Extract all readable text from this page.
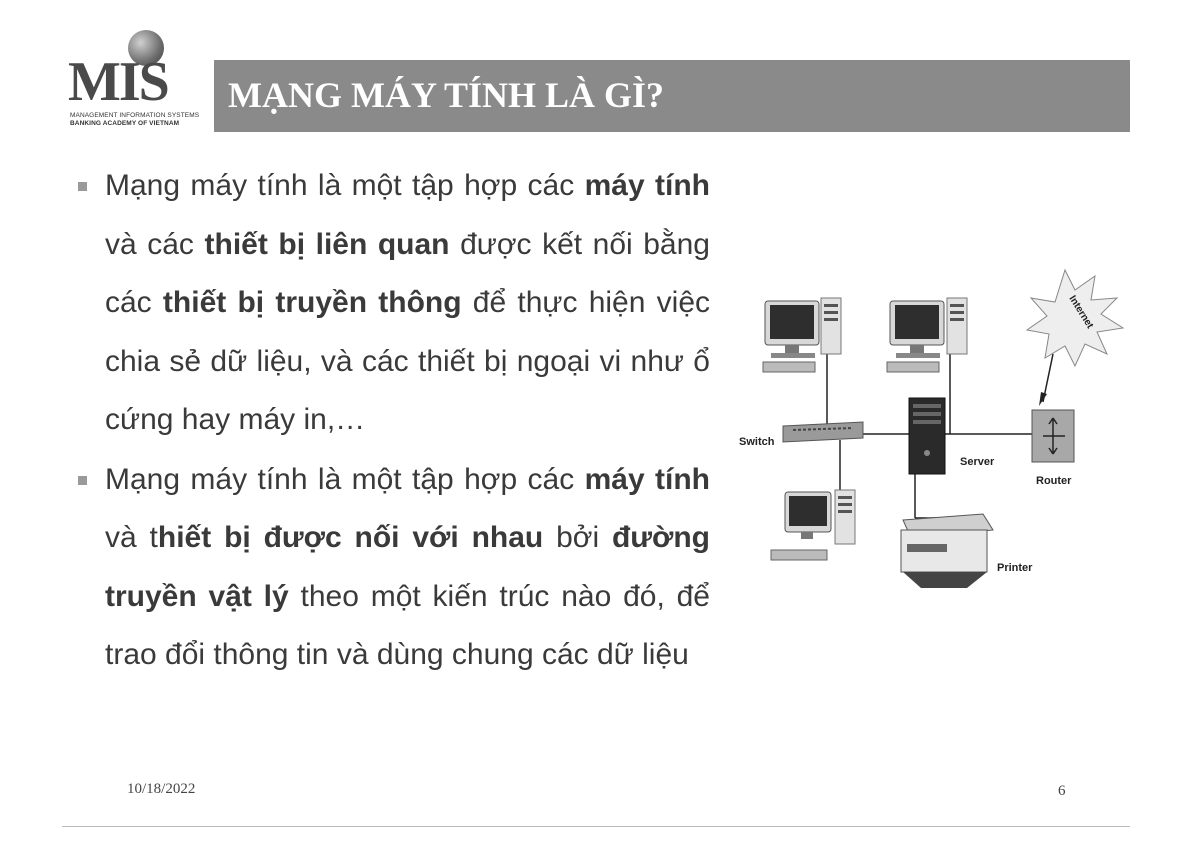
MIS
MANAGEMENT INFORMATION SYSTEMS
BANKING ACADEMY OF VIETNAM
MẠNG MÁY TÍNH LÀ GÌ?

Mạng máy tính là một tập hợp các máy tính và các thiết bị liên quan được kết nối bằng các thiết bị truyền thông để thực hiện việc chia sẻ dữ liệu, và các thiết bị ngoại vi như ổ cứng hay máy in,…

Mạng máy tính là một tập hợp các máy tính và thiết bị được nối với nhau bởi đường truyền vật lý theo một kiến trúc nào đó, để trao đổi thông tin và dùng chung các dữ liệu

Switch
Server
Router
Internet
Printer
10/18/2022	6
